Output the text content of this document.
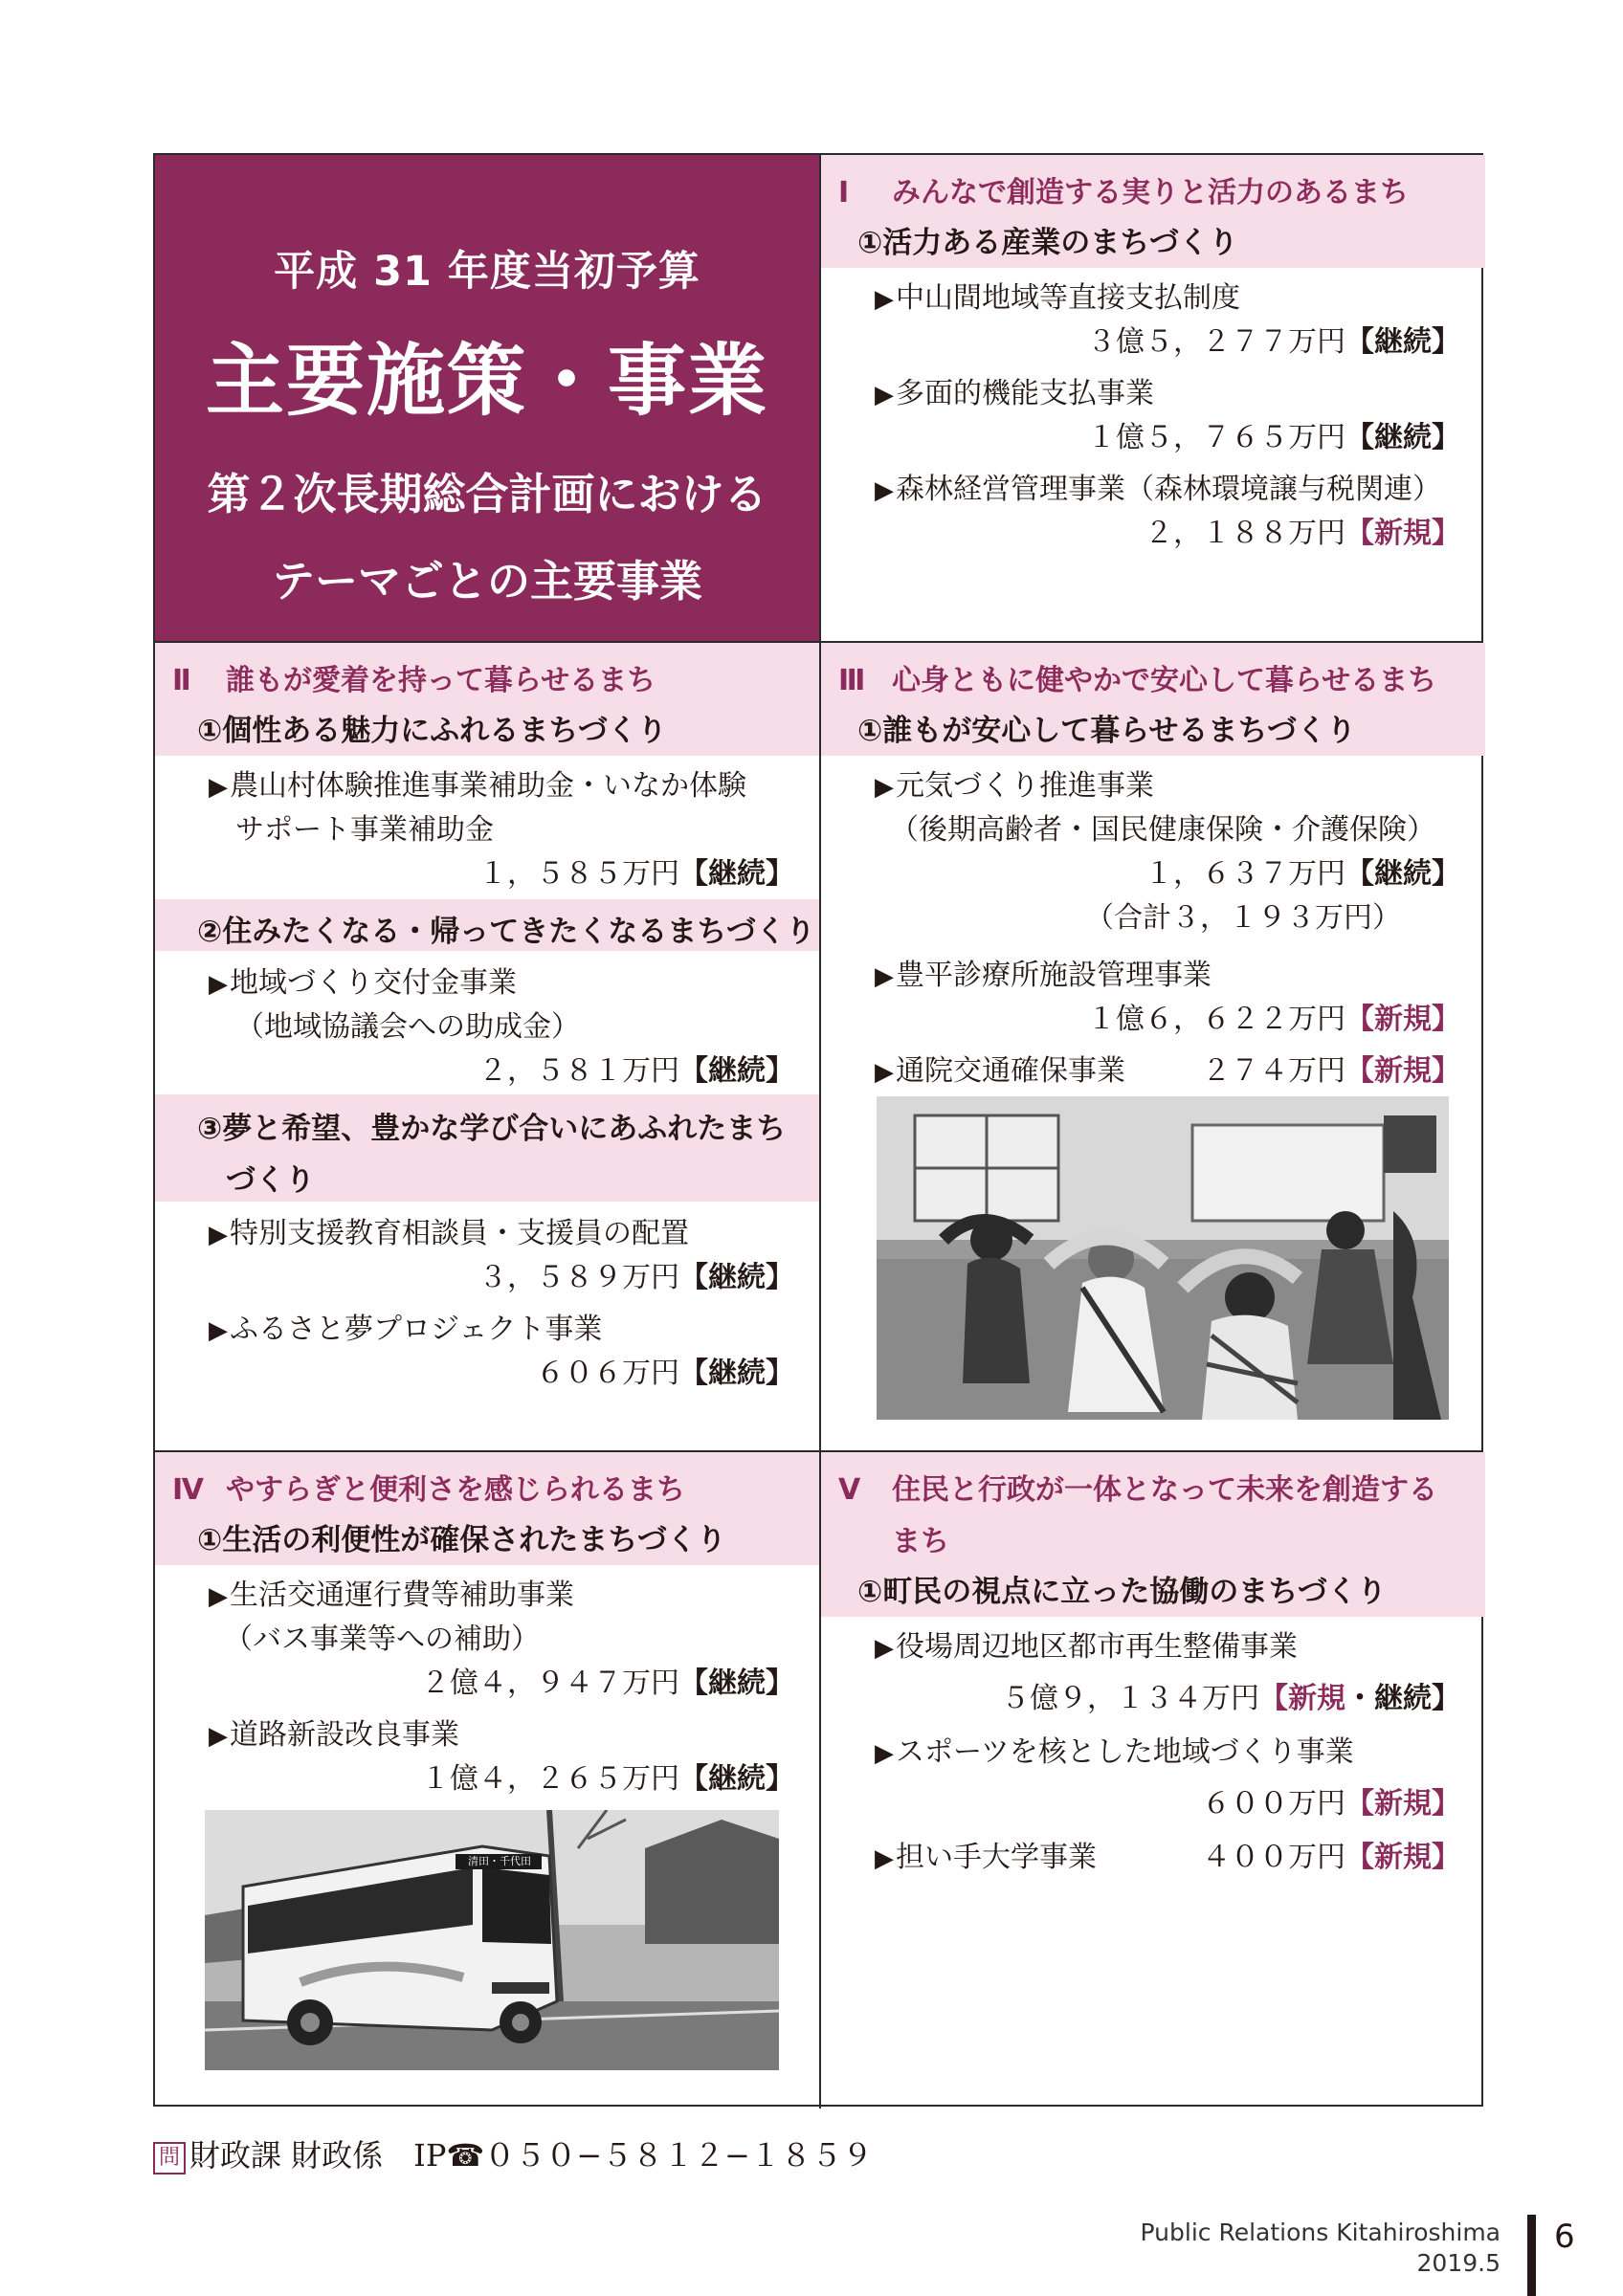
平成 31 年度当初予算
主要施策・事業
第２次長期総合計画における
テーマごとの主要事業
Ⅰ みんなで創造する実りと活力のあるまち
①活力ある産業のまちづくり
▶中山間地域等直接支払制度
３億５，２７７万円【継続】
▶多面的機能支払事業
１億５，７６５万円【継続】
▶森林経営管理事業（森林環境譲与税関連）
２，１８８万円【新規】
Ⅱ 誰もが愛着を持って暮らせるまち
①個性ある魅力にふれるまちづくり
▶農山村体験推進事業補助金・いなか体験
サポート事業補助金
１，５８５万円【継続】
②住みたくなる・帰ってきたくなるまちづくり
▶地域づくり交付金事業
（地域協議会への助成金）
２，５８１万円【継続】
③夢と希望、豊かな学び合いにあふれたまち
づくり
▶特別支援教育相談員・支援員の配置
３，５８９万円【継続】
▶ふるさと夢プロジェクト事業
６０６万円【継続】
Ⅲ 心身ともに健やかで安心して暮らせるまち
①誰もが安心して暮らせるまちづくり
▶元気づくり推進事業
（後期高齢者・国民健康保険・介護保険）
１，６３７万円【継続】
（合計３，１９３万円）
▶豊平診療所施設管理事業
１億６，６２２万円【新規】
▶通院交通確保事業	２７４万円【新規】
Ⅳ やすらぎと便利さを感じられるまち
①生活の利便性が確保されたまちづくり
▶生活交通運行費等補助事業
（バス事業等への補助）
２億４，９４７万円【継続】
▶道路新設改良事業
１億４，２６５万円【継続】
清田・千代田
Ⅴ 住民と行政が一体となって未来を創造する
まち
①町民の視点に立った協働のまちづくり
▶役場周辺地区都市再生整備事業
５億９，１３４万円【新規・継続】
▶スポーツを核とした地域づくり事業
６００万円【新規】
▶担い手大学事業	４００万円【新規】
問 財政課 財政係　IP☎０５０−５８１２−１８５９
Public Relations Kitahiroshima
2019.5
6
